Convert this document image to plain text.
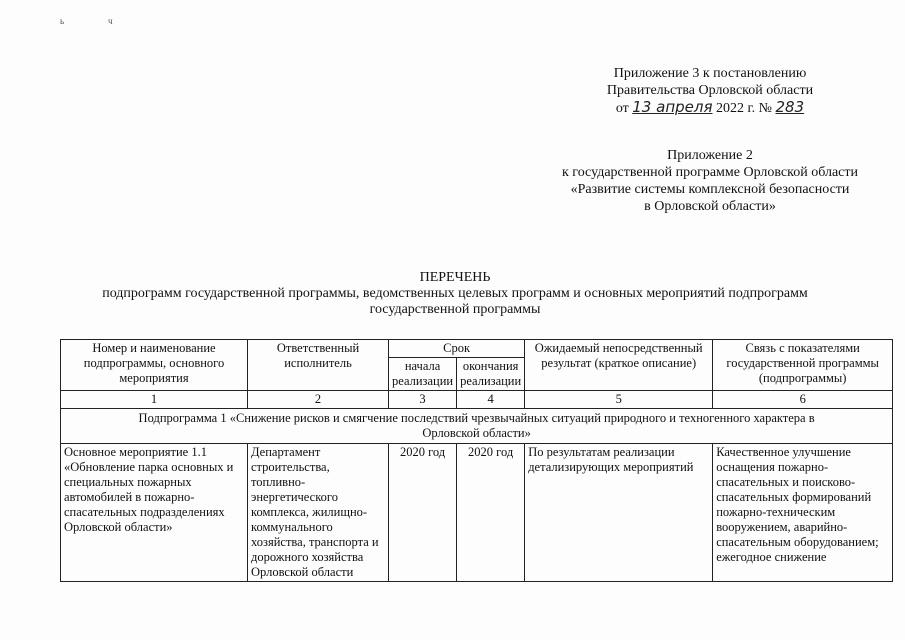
ь	ч
Приложение 3 к постановлению
Правительства Орловской области
от 13 апреля 2022 г. № 283
Приложение 2
к государственной программе Орловской области
«Развитие системы комплексной безопасности
в Орловской области»
ПЕРЕЧЕНЬ
подпрограмм государственной программы, ведомственных целевых программ и основных мероприятий подпрограмм
государственной программы
Номер и наименование подпрограммы, основного мероприятия	Ответственный исполнитель	Срок		Ожидаемый непосредственный результат (краткое описание)	Связь с показателями государственной программы (подпрограммы)
		начала реализации	окончания реализации		
1	2	3	4	5	6
Подпрограмма 1 «Снижение рисков и смягчение последствий чрезвычайных ситуаций природного и техногенного характера в Орловской области»					
Основное мероприятие 1.1 «Обновление парка основных и специальных пожарных автомобилей в пожарно-спасательных подразделениях Орловской области»	Департамент строительства, топливно-энергетического комплекса, жилищно-коммунального хозяйства, транспорта и дорожного хозяйства Орловской области	2020 год	2020 год	По результатам реализации детализирующих мероприятий	Качественное улучшение оснащения пожарно-спасательных и поисково-спасательных формирований пожарно-техническим вооружением, аварийно-спасательным оборудованием; ежегодное снижение
